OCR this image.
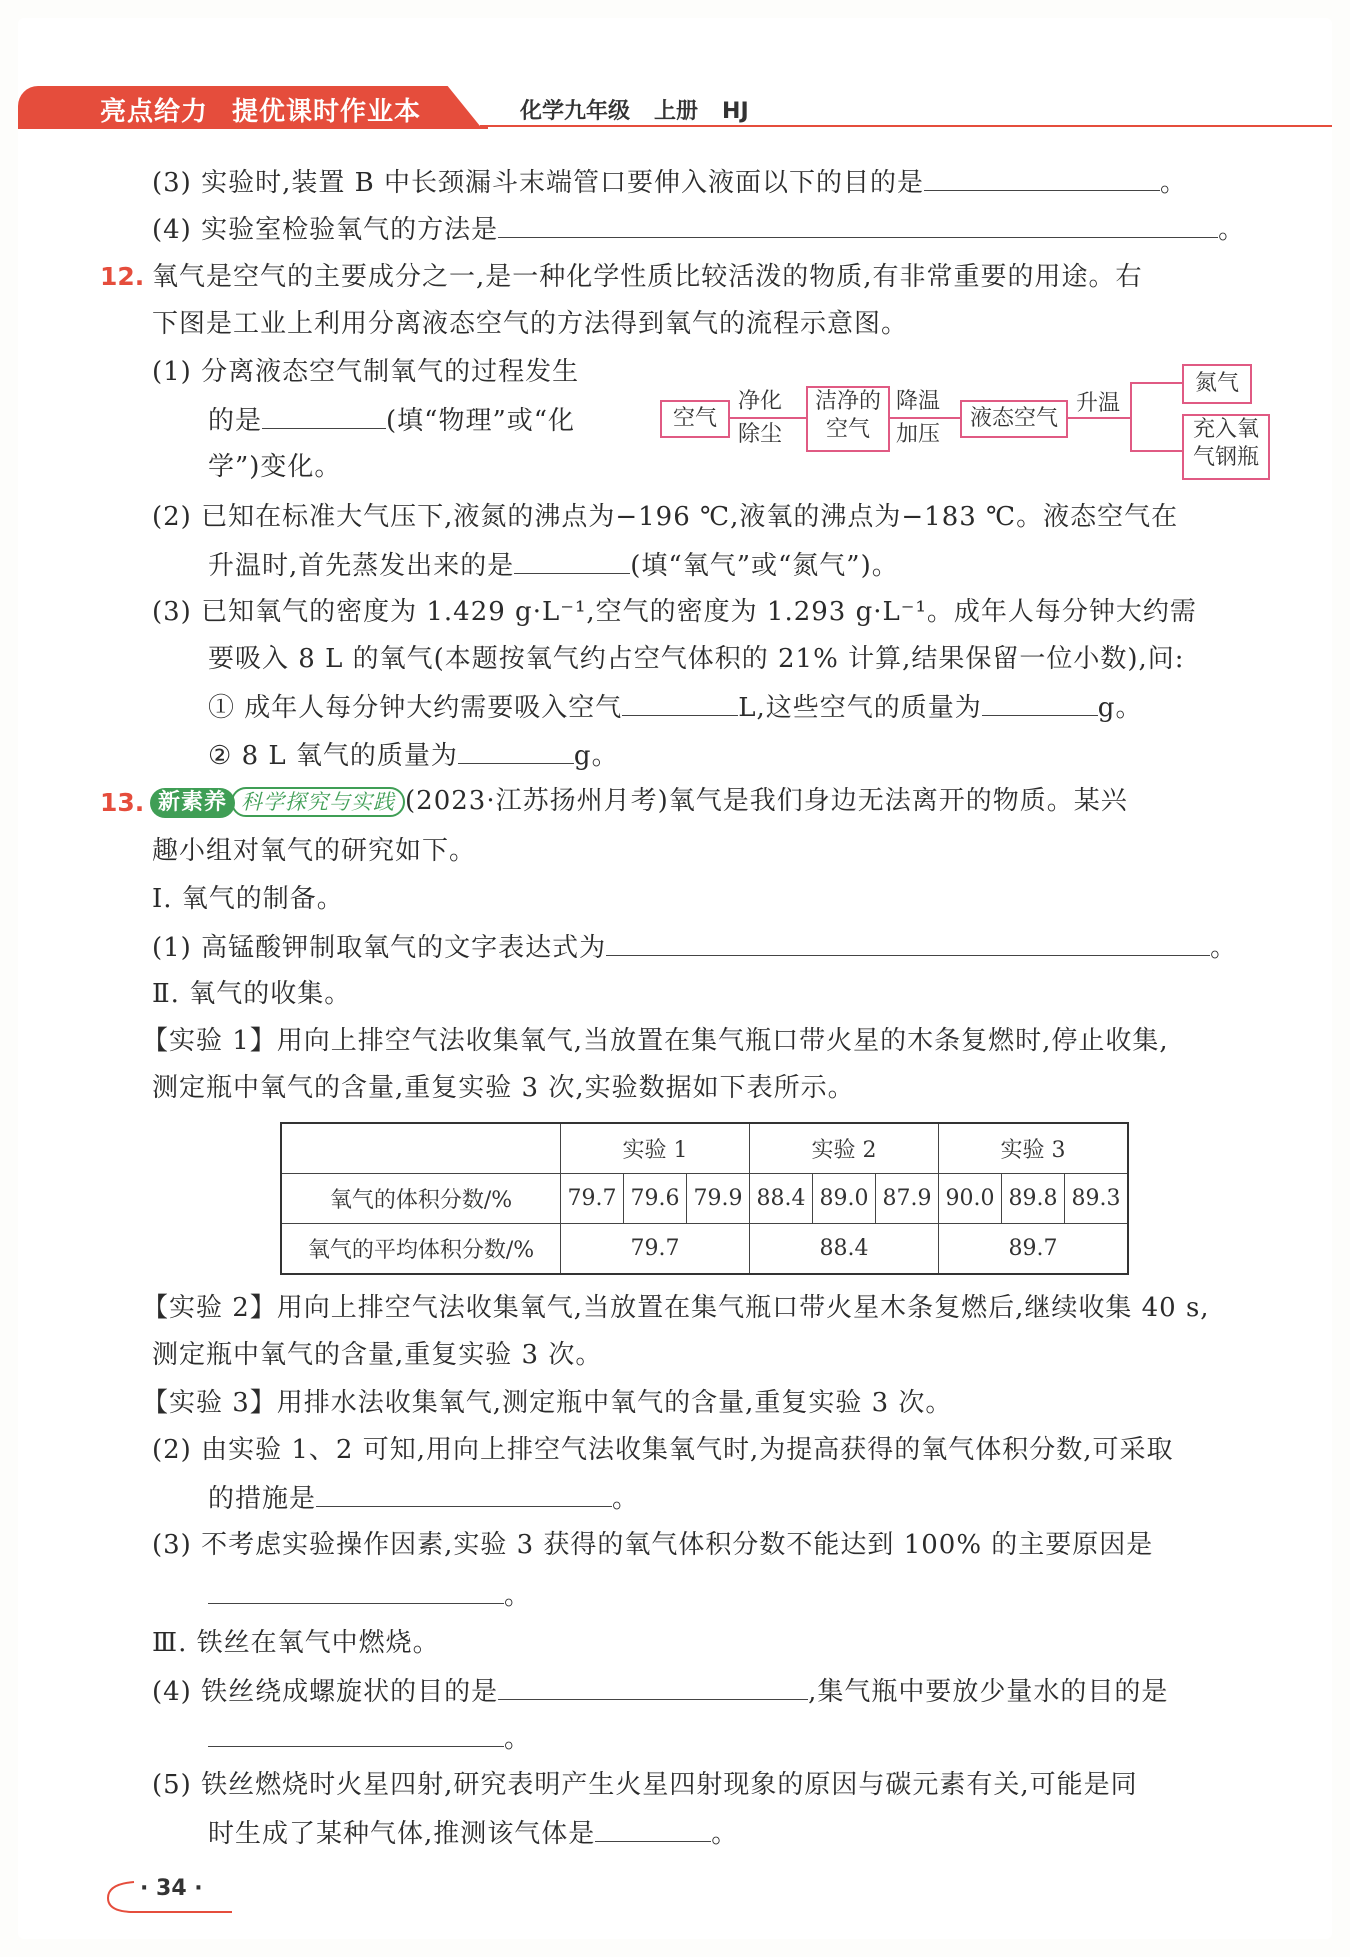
亮点给力 提优课时作业本	化学九年级 上册 HJ
(3) 实验时,装置 B 中长颈漏斗末端管口要伸入液面以下的目的是	。
(4) 实验室检验氧气的方法是	。
12. 氧气是空气的主要成分之一,是一种化学性质比较活泼的物质,有非常重要的用途。右
下图是工业上利用分离液态空气的方法得到氧气的流程示意图。
(1) 分离液态空气制氧气的过程发生
的是	(填“物理”或“化
学”)变化。
空气
净化
除尘
洁净的
空气
降温
加压
液态空气
升温
氮气
充入氧
气钢瓶
(2) 已知在标准大气压下,液氮的沸点为−196 ℃,液氧的沸点为−183 ℃。液态空气在
升温时,首先蒸发出来的是	(填“氧气”或“氮气”)。
(3) 已知氧气的密度为 1.429 g·L⁻¹,空气的密度为 1.293 g·L⁻¹。成年人每分钟大约需
要吸入 8 L 的氧气(本题按氧气约占空气体积的 21% 计算,结果保留一位小数),问:
① 成年人每分钟大约需要吸入空气	L,这些空气的质量为	g。
② 8 L 氧气的质量为	g。
13. 新素养 科学探究与实践 (2023·江苏扬州月考)氧气是我们身边无法离开的物质。某兴
趣小组对氧气的研究如下。
Ⅰ. 氧气的制备。
(1) 高锰酸钾制取氧气的文字表达式为	。
Ⅱ. 氧气的收集。
【实验 1】用向上排空气法收集氧气,当放置在集气瓶口带火星的木条复燃时,停止收集,
测定瓶中氧气的含量,重复实验 3 次,实验数据如下表所示。
	实验 1			实验 2			实验 3		
氧气的体积分数/%	79.7	79.6	79.9	88.4	89.0	87.9	90.0	89.8	89.3
氧气的平均体积分数/%	79.7			88.4			89.7		
【实验 2】用向上排空气法收集氧气,当放置在集气瓶口带火星木条复燃后,继续收集 40 s,
测定瓶中氧气的含量,重复实验 3 次。
【实验 3】用排水法收集氧气,测定瓶中氧气的含量,重复实验 3 次。
(2) 由实验 1、2 可知,用向上排空气法收集氧气时,为提高获得的氧气体积分数,可采取
的措施是	。
(3) 不考虑实验操作因素,实验 3 获得的氧气体积分数不能达到 100% 的主要原因是
。
Ⅲ. 铁丝在氧气中燃烧。
(4) 铁丝绕成螺旋状的目的是	,集气瓶中要放少量水的目的是
。
(5) 铁丝燃烧时火星四射,研究表明产生火星四射现象的原因与碳元素有关,可能是同
时生成了某种气体,推测该气体是	。
· 34 ·
